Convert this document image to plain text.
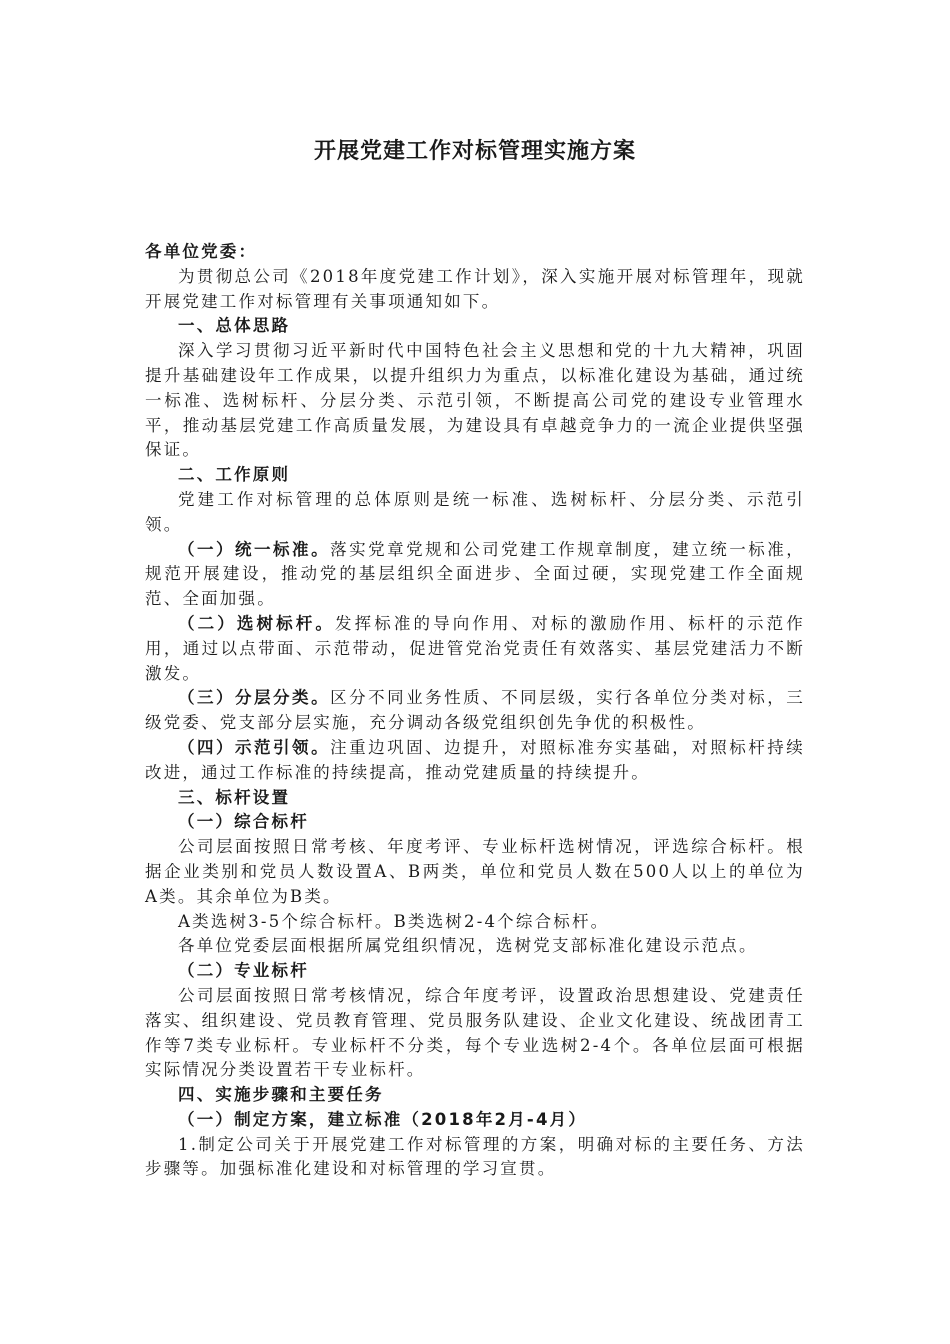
开展党建工作对标管理实施方案
各单位党委：
为贯彻总公司《2018年度党建工作计划》，深入实施开展对标管理年，现就开展党建工作对标管理有关事项通知如下。
一、总体思路
深入学习贯彻习近平新时代中国特色社会主义思想和党的十九大精神，巩固提升基础建设年工作成果，以提升组织力为重点，以标准化建设为基础，通过统一标准、选树标杆、分层分类、示范引领，不断提高公司党的建设专业管理水平，推动基层党建工作高质量发展，为建设具有卓越竞争力的一流企业提供坚强保证。
二、工作原则
党建工作对标管理的总体原则是统一标准、选树标杆、分层分类、示范引领。
（一）统一标准。落实党章党规和公司党建工作规章制度，建立统一标准，规范开展建设，推动党的基层组织全面进步、全面过硬，实现党建工作全面规范、全面加强。
（二）选树标杆。发挥标准的导向作用、对标的激励作用、标杆的示范作用，通过以点带面、示范带动，促进管党治党责任有效落实、基层党建活力不断激发。
（三）分层分类。区分不同业务性质、不同层级，实行各单位分类对标，三级党委、党支部分层实施，充分调动各级党组织创先争优的积极性。
（四）示范引领。注重边巩固、边提升，对照标准夯实基础，对照标杆持续改进，通过工作标准的持续提高，推动党建质量的持续提升。
三、标杆设置
（一）综合标杆
公司层面按照日常考核、年度考评、专业标杆选树情况，评选综合标杆。根据企业类别和党员人数设置A、B两类，单位和党员人数在500人以上的单位为A类。其余单位为B类。
A类选树3-5个综合标杆。B类选树2-4个综合标杆。
各单位党委层面根据所属党组织情况，选树党支部标准化建设示范点。
（二）专业标杆
公司层面按照日常考核情况，综合年度考评，设置政治思想建设、党建责任落实、组织建设、党员教育管理、党员服务队建设、企业文化建设、统战团青工作等7类专业标杆。专业标杆不分类，每个专业选树2-4个。各单位层面可根据实际情况分类设置若干专业标杆。
四、实施步骤和主要任务
（一）制定方案，建立标准（2018年2月-4月）
1.制定公司关于开展党建工作对标管理的方案，明确对标的主要任务、方法步骤等。加强标准化建设和对标管理的学习宣贯。
